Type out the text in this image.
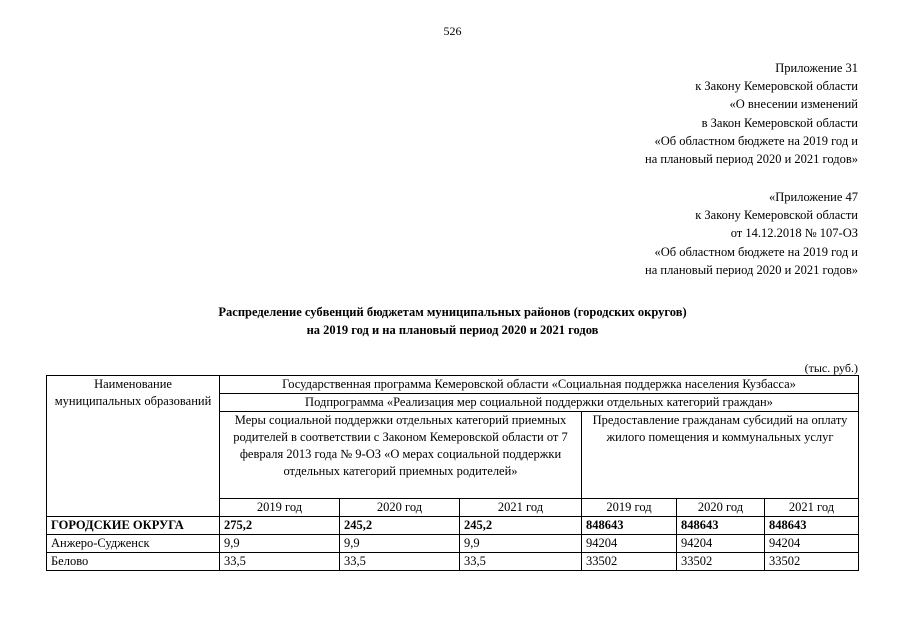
526
Приложение 31
к Закону Кемеровской области
«О внесении изменений
в Закон Кемеровской области
«Об областном бюджете на 2019 год и
на плановый период 2020 и 2021 годов»
«Приложение 47
к Закону Кемеровской области
от 14.12.2018 № 107-ОЗ
«Об областном бюджете на 2019 год и
на плановый период 2020 и 2021 годов»
Распределение субвенций бюджетам муниципальных районов (городских округов)
на 2019 год и на плановый период 2020 и 2021 годов
(тыс. руб.)
Наименование муниципальных образований	Государственная программа Кемеровской области «Социальная поддержка населения Кузбасса»					
	Подпрограмма «Реализация мер социальной поддержки отдельных категорий граждан»					
	Меры социальной поддержки отдельных категорий приемных родителей в соответствии с Законом Кемеровской области от 7 февраля 2013 года № 9-ОЗ «О мерах социальной поддержки отдельных категорий приемных родителей»			Предоставление гражданам субсидий на оплату жилого помещения и коммунальных услуг		
	2019 год	2020 год	2021 год	2019 год	2020 год	2021 год
ГОРОДСКИЕ ОКРУГА	275,2	245,2	245,2	848643	848643	848643
Анжеро-Судженск	9,9	9,9	9,9	94204	94204	94204
Белово	33,5	33,5	33,5	33502	33502	33502
